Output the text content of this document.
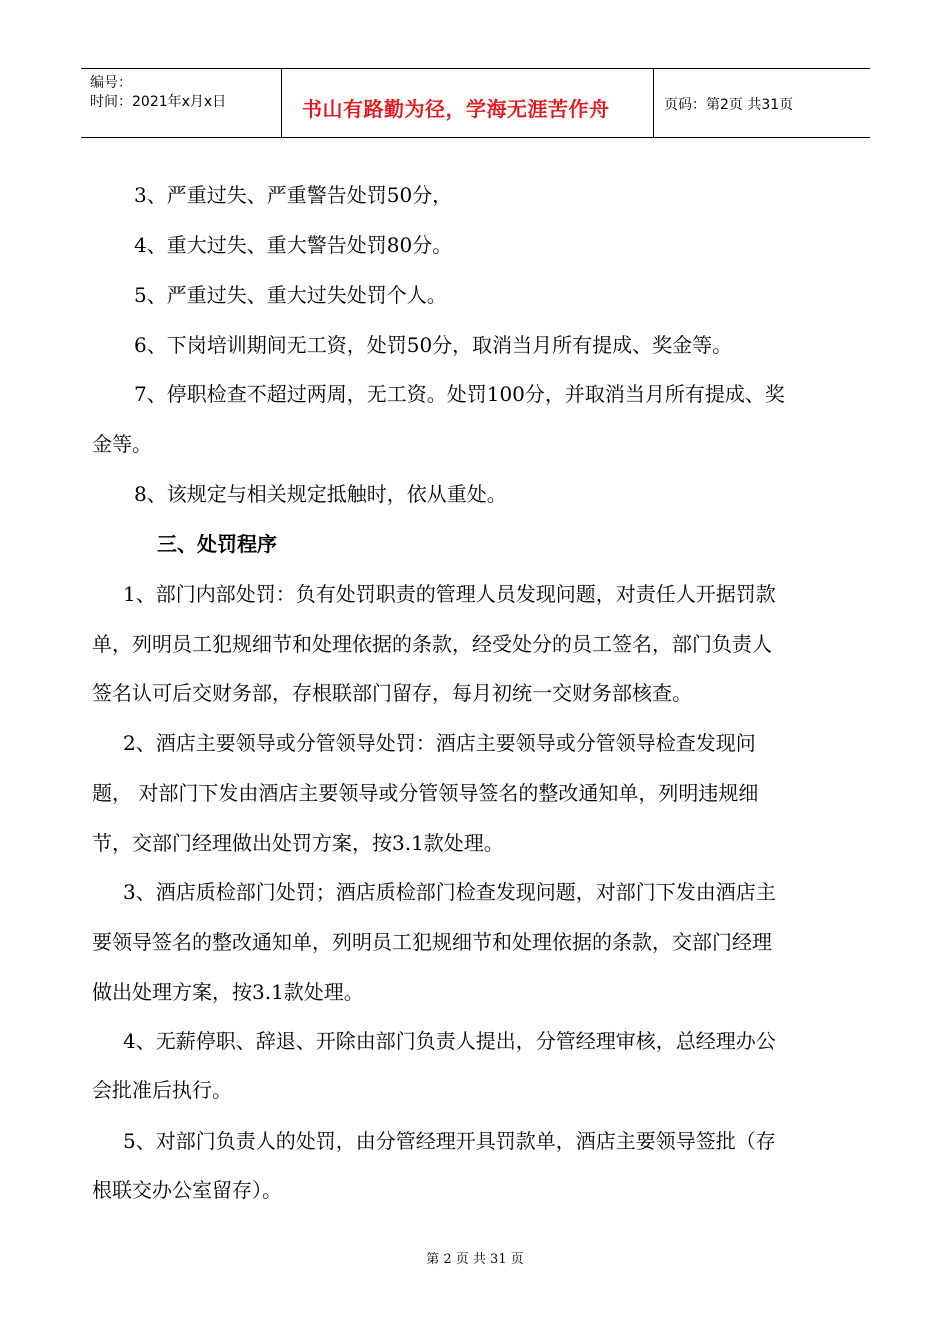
编号：
时间：2021年x月x日	书山有路勤为径，学海无涯苦作舟	页码：第2页 共31页
3、严重过失、严重警告处罚50分，
4、重大过失、重大警告处罚80分。
5、严重过失、重大过失处罚个人。
6、下岗培训期间无工资，处罚50分，取消当月所有提成、奖金等。
7、停职检查不超过两周，无工资。处罚100分，并取消当月所有提成、奖
金等。
8、该规定与相关规定抵触时，依从重处。
三、处罚程序
1、部门内部处罚：负有处罚职责的管理人员发现问题，对责任人开据罚款
单，列明员工犯规细节和处理依据的条款，经受处分的员工签名，部门负责人
签名认可后交财务部，存根联部门留存，每月初统一交财务部核查。
2、酒店主要领导或分管领导处罚：酒店主要领导或分管领导检查发现问
题， 对部门下发由酒店主要领导或分管领导签名的整改通知单，列明违规细
节，交部门经理做出处罚方案，按3.1款处理。
3、酒店质检部门处罚；酒店质检部门检查发现问题，对部门下发由酒店主
要领导签名的整改通知单，列明员工犯规细节和处理依据的条款，交部门经理
做出处理方案，按3.1款处理。
4、无薪停职、辞退、开除由部门负责人提出，分管经理审核，总经理办公
会批准后执行。
5、对部门负责人的处罚，由分管经理开具罚款单，酒店主要领导签批（存
根联交办公室留存）。
第 2 页 共 31 页
